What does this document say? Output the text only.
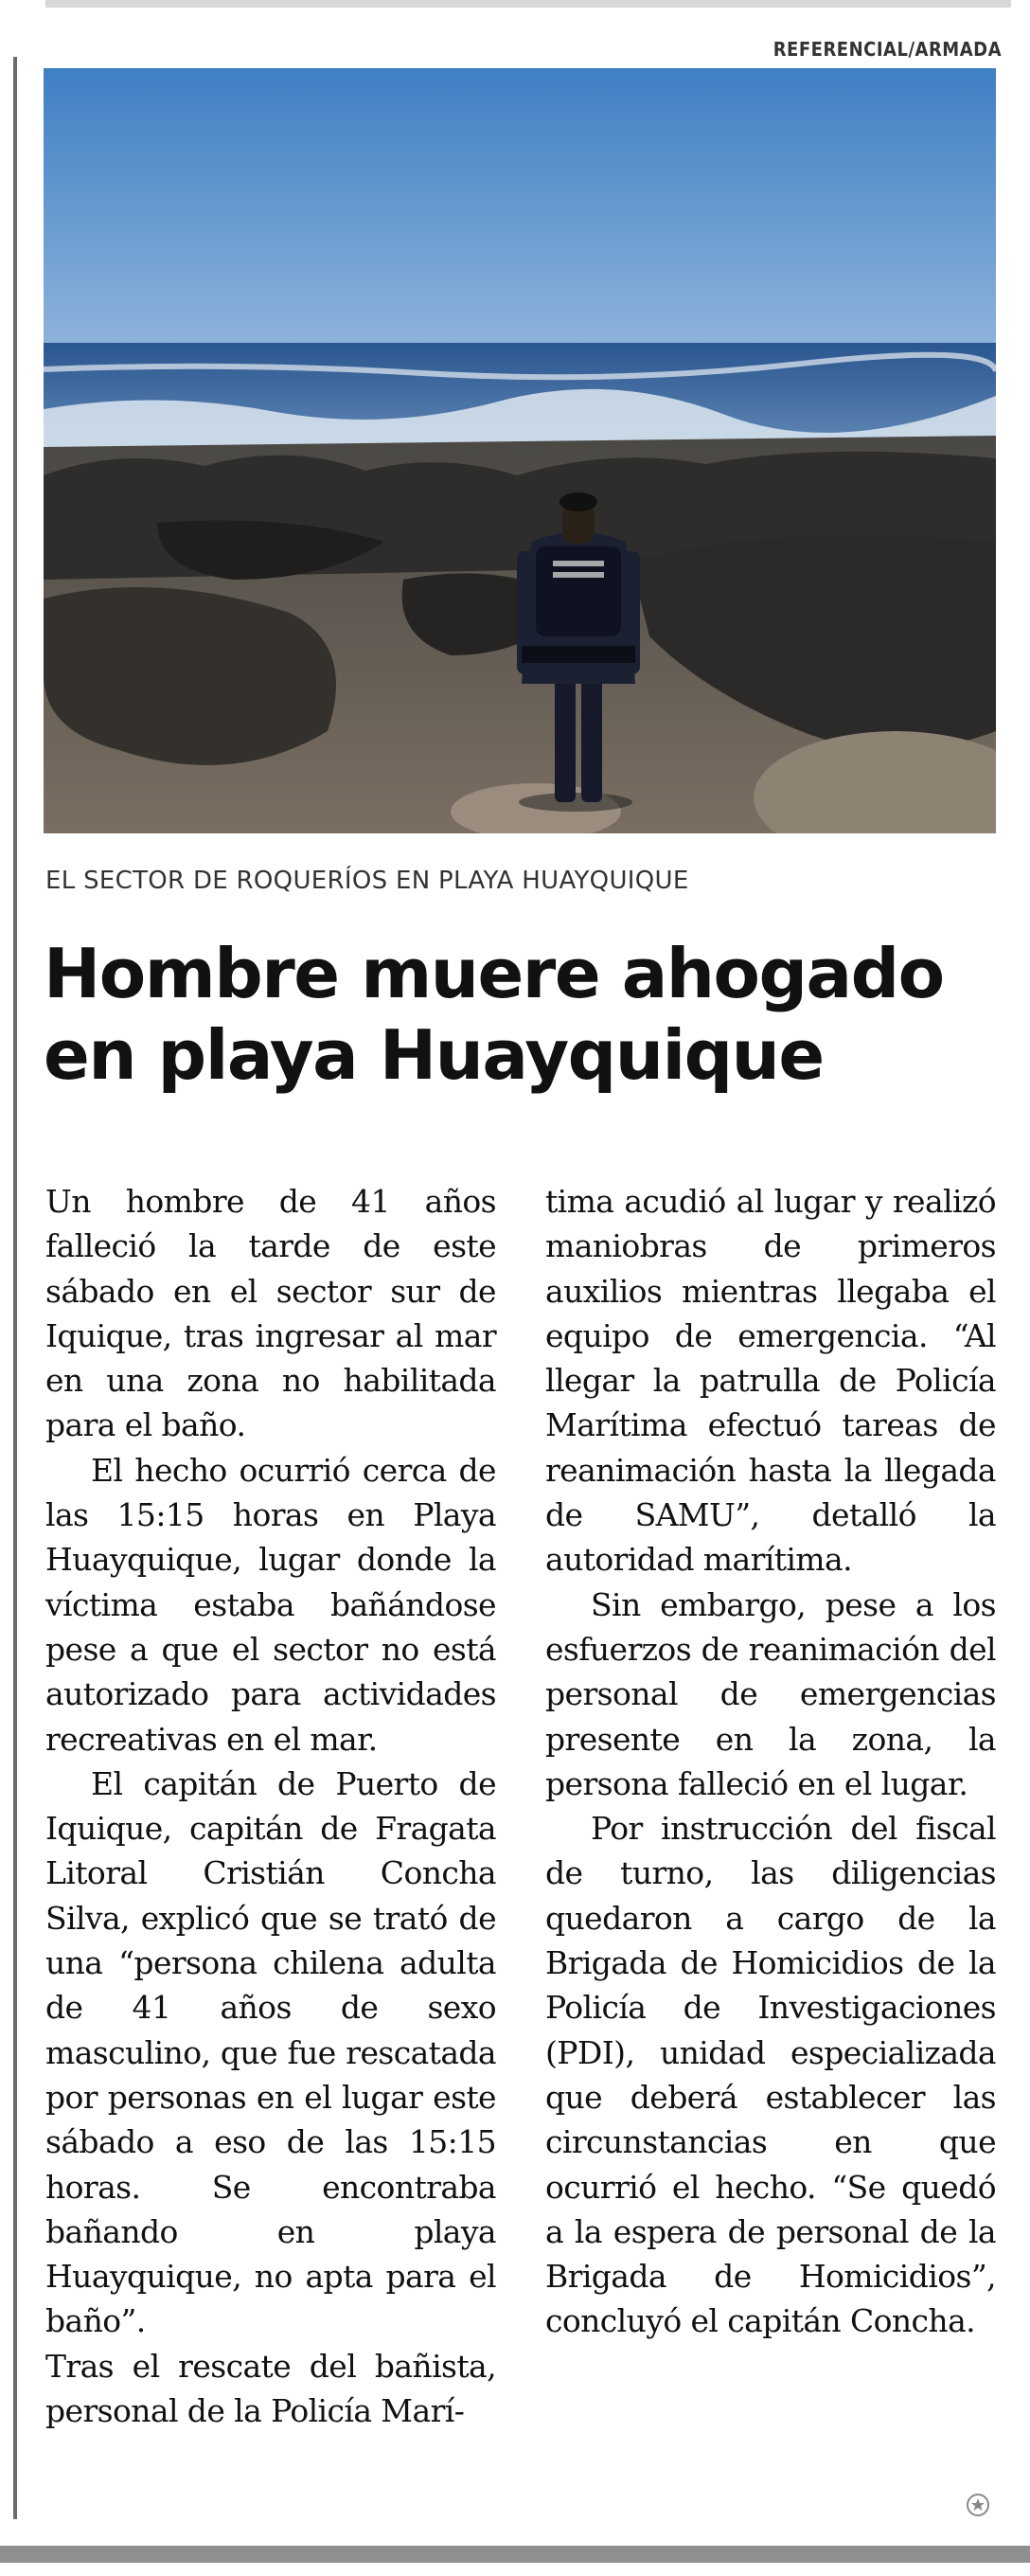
REFERENCIAL/ARMADA
EL SECTOR DE ROQUERÍOS EN PLAYA HUAYQUIQUE
Hombre muere ahogado en playa Huayquique

Un hombre de 41 años falleció la tarde de este sábado en el sector sur de Iquique, tras ingresar al mar en una zona no habilitada para el baño.

El hecho ocurrió cerca de las 15:15 horas en Playa Huayquique, lugar donde la víctima estaba bañándose pese a que el sector no está autorizado para actividades recreativas en el mar.

El capitán de Puerto de Iquique, capitán de Fragata Litoral Cristián Concha Silva, explicó que se trató de una “persona chilena adulta de 41 años de sexo masculino, que fue rescatada por personas en el lugar este sábado a eso de las 15:15 horas. Se encontraba bañando en playa Huayquique, no apta para el baño”.

Tras el rescate del bañista, personal de la Policía Marí-

tima acudió al lugar y realizó maniobras de primeros auxilios mientras llegaba el equipo de emergencia. “Al llegar la patrulla de Policía Marítima efectuó tareas de reanimación hasta la llegada de SAMU”, detalló la autoridad marítima.

Sin embargo, pese a los esfuerzos de reanimación del personal de emergencias presente en la zona, la persona falleció en el lugar.

Por instrucción del fiscal de turno, las diligencias quedaron a cargo de la Brigada de Homicidios de la Policía de Investigaciones (PDI), unidad especializada que deberá establecer las circunstancias en que ocurrió el hecho. “Se quedó a la espera de personal de la Brigada de Homicidios”, concluyó el capitán Concha.
